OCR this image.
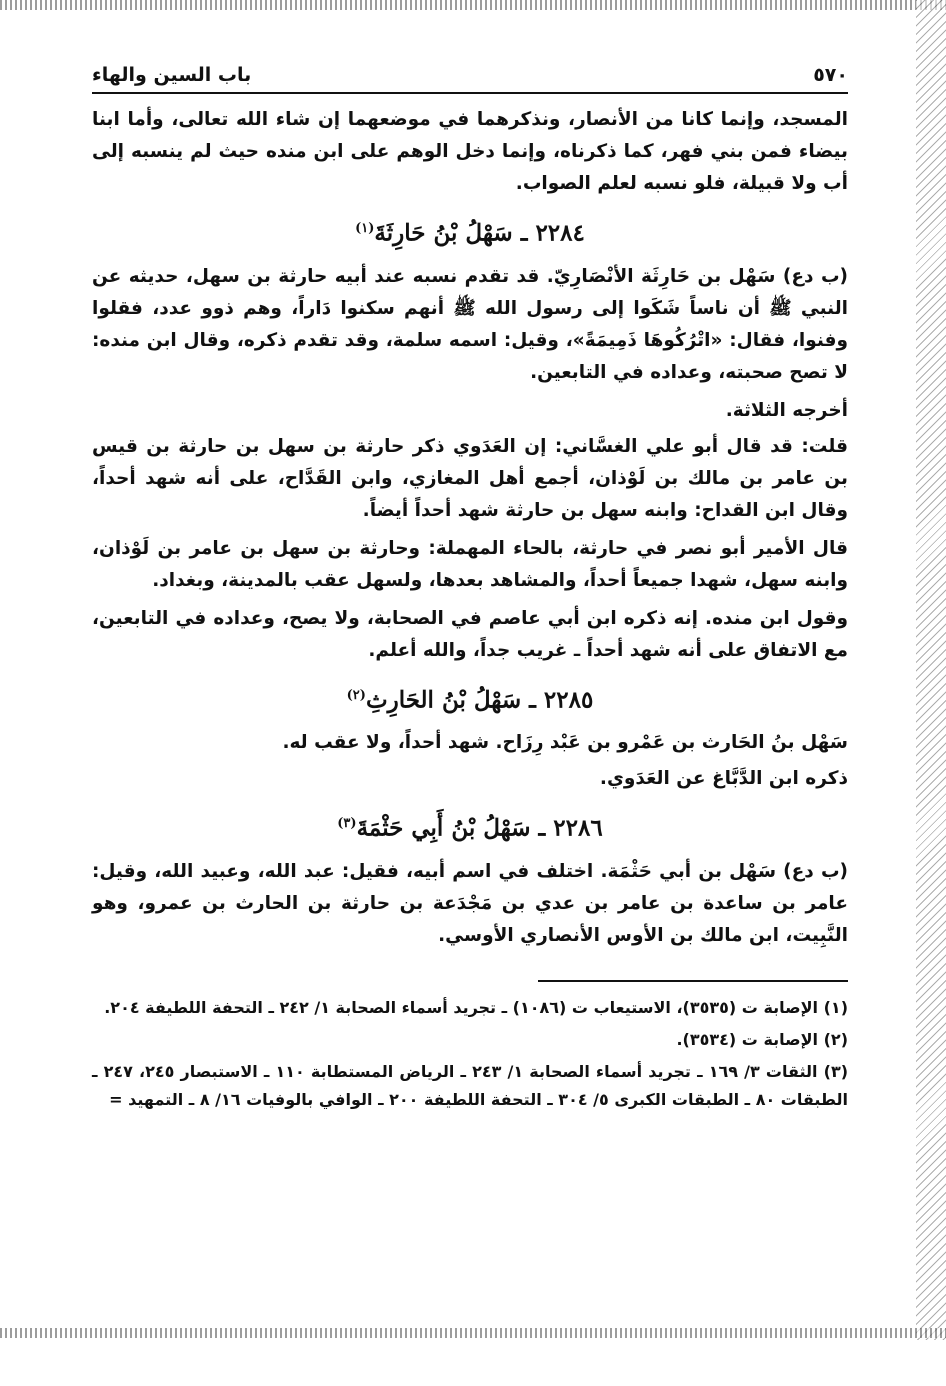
٥٧٠
باب السين والهاء

المسجد، وإنما كانا من الأنصار، ونذكرهما في موضعهما إن شاء الله تعالى، وأما ابنا بيضاء فمن بني فهر، كما ذكرناه، وإنما دخل الوهم على ابن منده حيث لم ينسبه إلى أب ولا قبيلة، فلو نسبه لعلم الصواب.

٢٢٨٤ ـ سَهْلُ بْنُ حَارِثَةَ$^{(١)}$

(ب دع) سَهْل بن حَارِثَة الأنْصَارِيّ. قد تقدم نسبه عند أبيه حارثة بن سهل، حديثه عن النبي ﷺ أن ناساً شَكَوا إلى رسول الله ﷺ أنهم سكنوا دَاراً، وهم ذوو عدد، فقلوا وفنوا، فقال: «اتْرُكُوهَا ذَمِيمَةً»، وقيل: اسمه سلمة، وقد تقدم ذكره، وقال ابن منده: لا تصح صحبته، وعداده في التابعين.

أخرجه الثلاثة.

قلت: قد قال أبو علي الغسَّاني: إن العَدَوي ذكر حارثة بن سهل بن حارثة بن قيس بن عامر بن مالك بن لَوْذان، أجمع أهل المغازي، وابن القَدَّاح، على أنه شهد أحداً، وقال ابن القداح: وابنه سهل بن حارثة شهد أحداً أيضاً.

قال الأمير أبو نصر في حارثة، بالحاء المهملة: وحارثة بن سهل بن عامر بن لَوْذان، وابنه سهل، شهدا جميعاً أحداً، والمشاهد بعدها، ولسهل عقب بالمدينة، وبغداد.

وقول ابن منده. إنه ذكره ابن أبي عاصم في الصحابة، ولا يصح، وعداده في التابعين، مع الاتفاق على أنه شهد أحداً ـ غريب جداً، والله أعلم.

٢٢٨٥ ـ سَهْلُ بْنُ الحَارِثِ$^{(٢)}$

سَهْل بنُ الحَارث بن عَمْرو بن عَبْد رِزَاح. شهد أحداً، ولا عقب له.

ذكره ابن الدَّبَّاغ عن العَدَوي.

٢٢٨٦ ـ سَهْلُ بْنُ أَبِي حَثْمَةَ$^{(٣)}$

(ب دع) سَهْل بن أبي حَثْمَة. اختلف في اسم أبيه، فقيل: عبد الله، وعبيد الله، وقيل: عامر بن ساعدة بن عامر بن عدي بن مَجْدَعة بن حارثة بن الحارث بن عمرو، وهو النَّبِيت، ابن مالك بن الأوس الأنصاري الأوسي.

(١) الإصابة ت (٣٥٣٥)، الاستيعاب ت (١٠٨٦) ـ تجريد أسماء الصحابة ١/ ٢٤٢ ـ التحفة اللطيفة ٢٠٤.

(٢) الإصابة ت (٣٥٣٤).

(٣) الثقات ٣/ ١٦٩ ـ تجريد أسماء الصحابة ١/ ٢٤٣ ـ الرياض المستطابة ١١٠ ـ الاستبصار ٢٤٥، ٢٤٧ ـ الطبقات ٨٠ ـ الطبقات الكبرى ٥/ ٣٠٤ ـ التحفة اللطيفة ٢٠٠ ـ الوافي بالوفيات ١٦/ ٨ ـ التمهيد =
